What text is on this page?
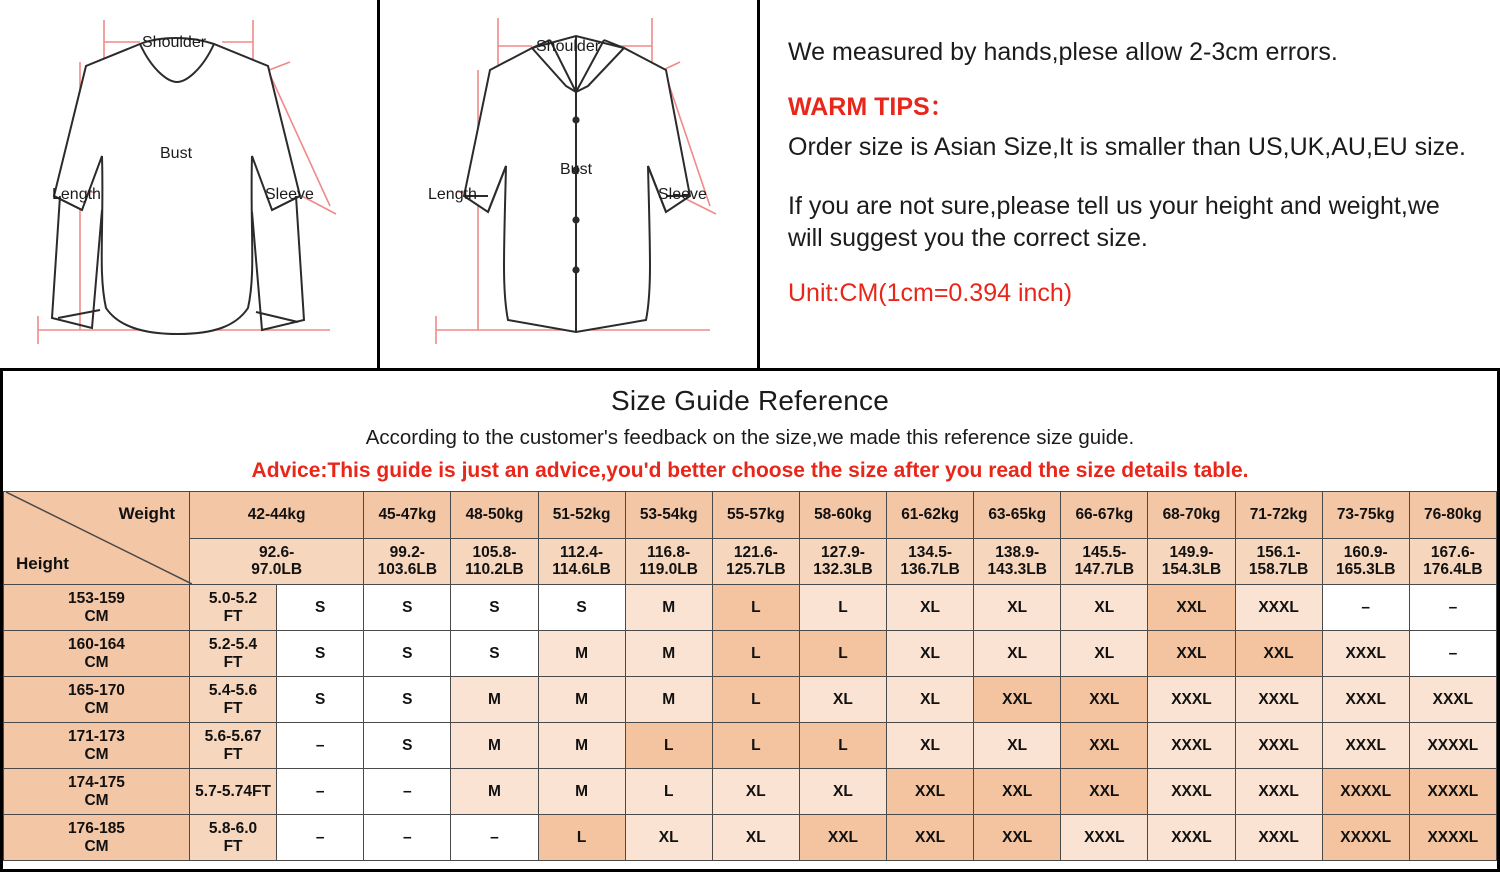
Shoulder
Bust
Length	Sleeve
Shoulder
Bust
Length	Sleeve

We measured by hands,plese allow 2-3cm errors.

WARM TIPS：

Order size is Asian Size,It is smaller than US,UK,AU,EU size.

If you are not sure,please tell us your height and weight,we will suggest you the correct size.

Unit:CM(1cm=0.394 inch)

Size Guide Reference
According to the customer's feedback on the size,we made this reference size guide.
Advice:This guide is just an advice,you'd better choose the size after you read the size details table.
Weight
Height	42-44kg		45-47kg	48-50kg	51-52kg	53-54kg	55-57kg	58-60kg	61-62kg	63-65kg	66-67kg	68-70kg	71-72kg	73-75kg	76-80kg
	92.6-
97.0LB		99.2-
103.6LB	105.8-
110.2LB	112.4-
114.6LB	116.8-
119.0LB	121.6-
125.7LB	127.9-
132.3LB	134.5-
136.7LB	138.9-
143.3LB	145.5-
147.7LB	149.9-
154.3LB	156.1-
158.7LB	160.9-
165.3LB	167.6-
176.4LB
153-159
CM	5.0-5.2
FT	S	S	S	S	M	L	L	XL	XL	XL	XXL	XXXL	–	–
160-164
CM	5.2-5.4
FT	S	S	S	M	M	L	L	XL	XL	XL	XXL	XXL	XXXL	–
165-170
CM	5.4-5.6
FT	S	S	M	M	M	L	XL	XL	XXL	XXL	XXXL	XXXL	XXXL	XXXL
171-173
CM	5.6-5.67
FT	–	S	M	M	L	L	L	XL	XL	XXL	XXXL	XXXL	XXXL	XXXXL
174-175
CM	5.7-5.74FT	–	–	M	M	L	XL	XL	XXL	XXL	XXL	XXXL	XXXL	XXXXL	XXXXL
176-185
CM	5.8-6.0
FT	–	–	–	L	XL	XL	XXL	XXL	XXL	XXXL	XXXL	XXXL	XXXXL	XXXXL
